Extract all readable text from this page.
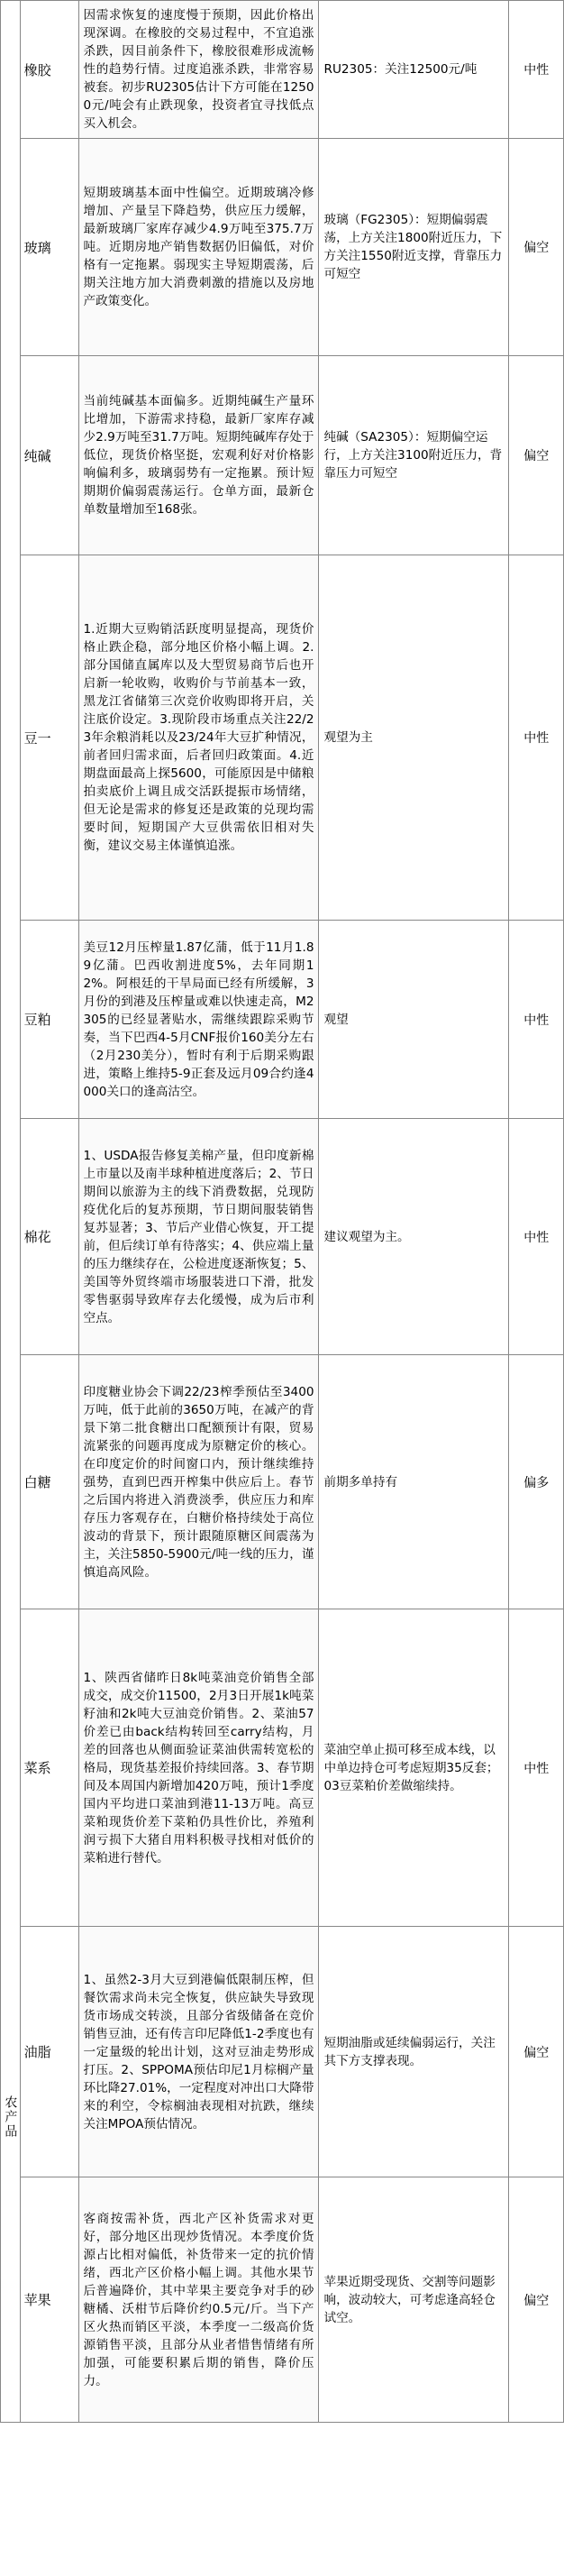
农产品	橡胶	因需求恢复的速度慢于预期，因此价格出现深调。在橡胶的交易过程中，不宜追涨杀跌，因目前条件下，橡胶很难形成流畅性的趋势行情。过度追涨杀跌，非常容易被套。初步RU2305估计下方可能在12500元/吨会有止跌现象，投资者宜寻找低点买入机会。	RU2305：关注12500元/吨	中性
	玻璃	短期玻璃基本面中性偏空。近期玻璃冷修增加、产量呈下降趋势，供应压力缓解，最新玻璃厂家库存减少4.9万吨至375.7万吨。近期房地产销售数据仍旧偏低，对价格有一定拖累。弱现实主导短期震荡，后期关注地方加大消费刺激的措施以及房地产政策变化。	玻璃（FG2305）：短期偏弱震荡，上方关注1800附近压力，下方关注1550附近支撑，背靠压力可短空	偏空
	纯碱	当前纯碱基本面偏多。近期纯碱生产量环比增加，下游需求持稳，最新厂家库存减少2.9万吨至31.7万吨。短期纯碱库存处于低位，现货价格坚挺，宏观利好对价格影响偏利多，玻璃弱势有一定拖累。预计短期期价偏弱震荡运行。仓单方面，最新仓单数量增加至168张。	纯碱（SA2305）：短期偏空运行，上方关注3100附近压力，背靠压力可短空	偏空
	豆一	1.近期大豆购销活跃度明显提高，现货价格止跌企稳，部分地区价格小幅上调。2.部分国储直属库以及大型贸易商节后也开启新一轮收购，收购价与节前基本一致，黑龙江省储第三次竞价收购即将开启，关注底价设定。3.现阶段市场重点关注22/23年余粮消耗以及23/24年大豆扩种情况，前者回归需求面，后者回归政策面。4.近期盘面最高上探5600，可能原因是中储粮拍卖底价上调且成交活跃提振市场情绪，但无论是需求的修复还是政策的兑现均需要时间，短期国产大豆供需依旧相对失衡，建议交易主体谨慎追涨。	观望为主	中性
	豆粕	美豆12月压榨量1.87亿蒲，低于11月1.89亿蒲。巴西收割进度5%，去年同期12%。阿根廷的干旱局面已经有所缓解，3月份的到港及压榨量或难以快速走高，M2305的已经显著贴水，需继续跟踪采购节奏，当下巴西4-5月CNF报价160美分左右（2月230美分），暂时有利于后期采购跟进，策略上维持5-9正套及远月09合约逢4000关口的逢高沽空。	观望	中性
	棉花	1、USDA报告修复美棉产量，但印度新棉上市量以及南半球种植进度落后；2、节日期间以旅游为主的线下消费数据，兑现防疫优化后的复苏预期，节日期间服装销售复苏显著；3、节后产业借心恢复，开工提前，但后续订单有待落实；4、供应端上量的压力继续存在，公检进度逐渐恢复；5、美国等外贸终端市场服装进口下滑，批发零售驱弱导致库存去化缓慢，成为后市利空点。	建议观望为主。	中性
	白糖	印度糖业协会下调22/23榨季预估至3400万吨，低于此前的3650万吨，在减产的背景下第二批食糖出口配额预计有限，贸易流紧张的问题再度成为原糖定价的核心。在印度定价的时间窗口内，预计继续维持强势，直到巴西开榨集中供应后上。春节之后国内将进入消费淡季，供应压力和库存压力客观存在，白糖价格持续处于高位波动的背景下，预计跟随原糖区间震荡为主，关注5850-5900元/吨一线的压力，谨慎追高风险。	前期多单持有	偏多
	菜系	1、陕西省储昨日8k吨菜油竞价销售全部成交，成交价11500，2月3日开展1k吨菜籽油和2k吨大豆油竞价销售。2、菜油57价差已由back结构转回至carry结构，月差的回落也从侧面验证菜油供需转宽松的格局，现货基差报价持续回落。3、春节期间及本周国内新增加420万吨，预计1季度国内平均进口菜油到港11-13万吨。高豆菜粕现货价差下菜粕仍具性价比，养殖利润亏损下大猪自用料积极寻找相对低价的菜粕进行替代。	菜油空单止损可移至成本线，以中单边持仓可考虑短期35反套；03豆菜粕价差做缩续持。	中性
	油脂	1、虽然2-3月大豆到港偏低限制压榨，但餐饮需求尚未完全恢复，供应缺失导致现货市场成交转淡，且部分省级储备在竞价销售豆油，还有传言印尼降低1-2季度也有一定量级的轮出计划，这对豆油走势形成打压。2、SPPOMA预估印尼1月棕榈产量环比降27.01%，一定程度对冲出口大降带来的利空，令棕榈油表现相对抗跌，继续关注MPOA预估情况。	短期油脂或延续偏弱运行，关注其下方支撑表现。	偏空
	苹果	客商按需补货，西北产区补货需求对更好，部分地区出现炒货情况。本季度价货源占比相对偏低，补货带来一定的抗价情绪，西北产区价格小幅上调。其他水果节后普遍降价，其中苹果主要竞争对手的砂糖橘、沃柑节后降价约0.5元/斤。当下产区火热而销区平淡，本季度一二级高价货源销售平淡，且部分从业者惜售情绪有所加强，可能要积累后期的销售，降价压力。	苹果近期受现货、交割等问题影响，波动较大，可考虑逢高轻仓试空。	偏空
